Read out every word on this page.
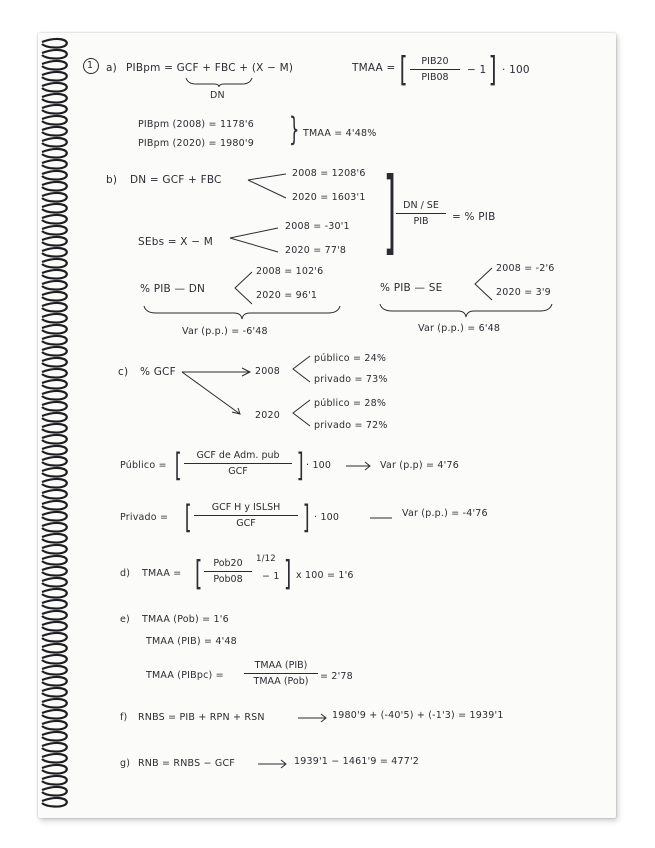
1 a) PIBpm = GCF + FBC + (X − M)
DN
TMAA = [	PIB20
PIB08
− 1 ] · 100
PIBpm (2008) = 1178'6
PIBpm (2020) = 1980'9 } TMAA = 4'48%
b) DN = GCF + FBC
2008 = 1208'6
2020 = 1603'1
SEbs = X − M
2008 = -30'1
2020 = 77'8 ] DN / SE
PIB	= % PIB
% PIB — DN
2008 = 102'6
2020 = 96'1
% PIB — SE
2008 = -2'6
2020 = 3'9
Var (p.p.) = -6'48	Var (p.p.) = 6'48
c) % GCF	2008
2020
público = 24%
privado = 73%
público = 28%
privado = 72%
Público = [	GCF de Adm. pub
GCF	] · 100	Var (p.p) = 4'76
Privado = [	GCF H y ISLSH
GCF	] · 100	Var (p.p.) = -4'76
d) TMAA = [	Pob20
Pob08
1/12
− 1 ] x 100 = 1'6
e) TMAA (Pob) = 1'6
TMAA (PIB) = 4'48
TMAA (PIBpc) =
TMAA (PIB)
TMAA (Pob)	= 2'78
f) RNBS = PIB + RPN + RSN	1980'9 + (-40'5) + (-1'3) = 1939'1
g) RNB = RNBS − GCF	1939'1 − 1461'9 = 477'2
